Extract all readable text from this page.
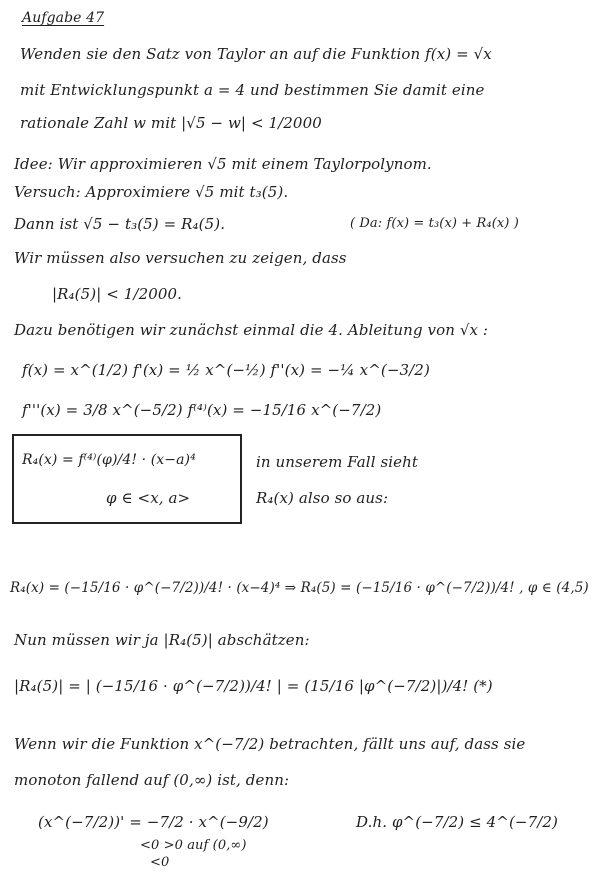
Aufgabe 47
Wenden sie den Satz von Taylor an auf die Funktion f(x) = √x
mit Entwicklungspunkt a = 4 und bestimmen Sie damit eine
rationale Zahl w mit |√5 − w| < 1/2000
Idee: Wir approximieren √5 mit einem Taylorpolynom.
Versuch: Approximiere √5 mit t₃(5).
Dann ist √5 − t₃(5) = R₄(5).	( Da: f(x) = t₃(x) + R₄(x) )
Wir müssen also versuchen zu zeigen, dass
|R₄(5)| < 1/2000.
Dazu benötigen wir zunächst einmal die 4. Ableitung von √x :
f(x) = x^(1/2) f'(x) = ½ x^(−½) f''(x) = −¼ x^(−3/2)
f'''(x) = 3/8 x^(−5/2) f⁽⁴⁾(x) = −15/16 x^(−7/2)
R₄(x) = f⁽⁴⁾(φ)/4! · (x−a)⁴
φ ∈ <x, a>
in unserem Fall sieht
R₄(x) also so aus:
R₄(x) = (−15/16 · φ^(−7/2))/4! · (x−4)⁴ ⇒ R₄(5) = (−15/16 · φ^(−7/2))/4! , φ ∈ (4,5)
Nun müssen wir ja |R₄(5)| abschätzen:
|R₄(5)| = | (−15/16 · φ^(−7/2))/4! | = (15/16 |φ^(−7/2)|)/4! (*)
Wenn wir die Funktion x^(−7/2) betrachten, fällt uns auf, dass sie
monoton fallend auf (0,∞) ist, denn:
(x^(−7/2))' = −7/2 · x^(−9/2)	D.h. φ^(−7/2) ≤ 4^(−7/2)
<0 >0 auf (0,∞)
<0
